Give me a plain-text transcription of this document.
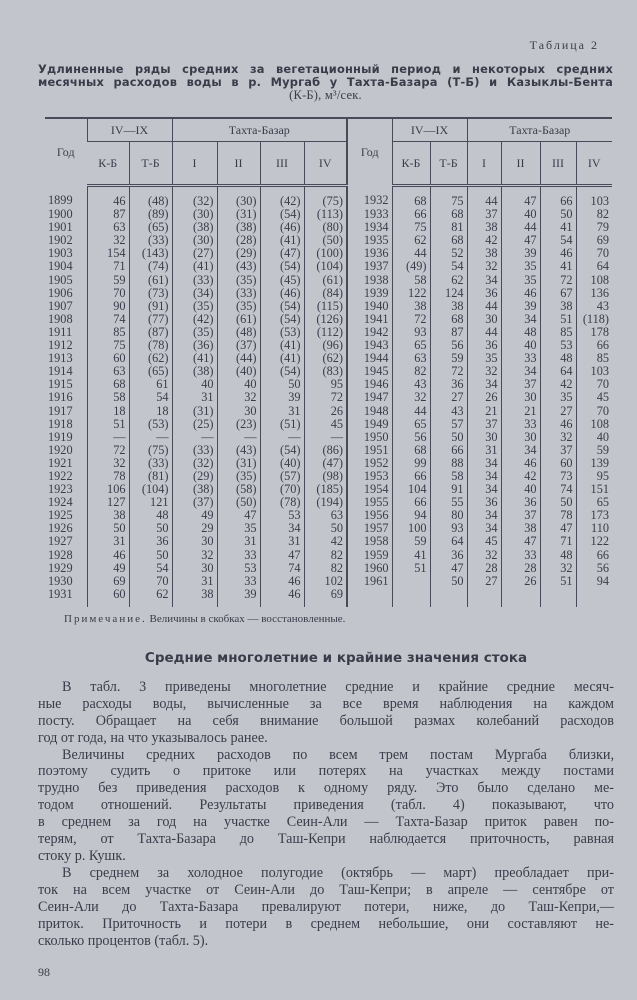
Таблица 2
Удлиненные ряды средних за вегетационный период и некоторых средних
месячных расходов воды в р. Мургаб у Тахта-Базара (Т-Б) и Казыклы-Бента
(К-Б), м³/сек.
Год	IV—IX		Тахта-Базар				Год	IV—IX		Тахта-Базар			
	К-Б	Т-Б	I	II	III	IV		К-Б	Т-Б	I	II	III	IV
1899	46	(48)	(32)	(30)	(42)	(75)	1932	68	75	44	47	66	103
1900	87	(89)	(30)	(31)	(54)	(113)	1933	66	68	37	40	50	82
1901	63	(65)	(38)	(38)	(46)	(80)	1934	75	81	38	44	41	79
1902	32	(33)	(30)	(28)	(41)	(50)	1935	62	68	42	47	54	69
1903	154	(143)	(27)	(29)	(47)	(100)	1936	44	52	38	39	46	70
1904	71	(74)	(41)	(43)	(54)	(104)	1937	(49)	54	32	35	41	64
1905	59	(61)	(33)	(35)	(45)	(61)	1938	58	62	34	35	72	108
1906	70	(73)	(34)	(33)	(46)	(84)	1939	122	124	36	46	67	136
1907	90	(91)	(35)	(35)	(54)	(115)	1940	38	38	44	39	38	43
1908	74	(77)	(42)	(61)	(54)	(126)	1941	72	68	30	34	51	(118)
1911	85	(87)	(35)	(48)	(53)	(112)	1942	93	87	44	48	85	178
1912	75	(78)	(36)	(37)	(41)	(96)	1943	65	56	36	40	53	66
1913	60	(62)	(41)	(44)	(41)	(62)	1944	63	59	35	33	48	85
1914	63	(65)	(38)	(40)	(54)	(83)	1945	82	72	32	34	64	103
1915	68	61	40	40	50	95	1946	43	36	34	37	42	70
1916	58	54	31	32	39	72	1947	32	27	26	30	35	45
1917	18	18	(31)	30	31	26	1948	44	43	21	21	27	70
1918	51	(53)	(25)	(23)	(51)	45	1949	65	57	37	33	46	108
1919	—	—	—	—	—	—	1950	56	50	30	30	32	40
1920	72	(75)	(33)	(43)	(54)	(86)	1951	68	66	31	34	37	59
1921	32	(33)	(32)	(31)	(40)	(47)	1952	99	88	34	46	60	139
1922	78	(81)	(29)	(35)	(57)	(98)	1953	66	58	34	42	73	95
1923	106	(104)	(38)	(58)	(70)	(185)	1954	104	91	34	40	74	151
1924	127	121	(37)	(50)	(78)	(194)	1955	66	55	36	36	50	65
1925	38	48	49	47	53	63	1956	94	80	34	37	78	173
1926	50	50	29	35	34	50	1957	100	93	34	38	47	110
1927	31	36	30	31	31	42	1958	59	64	45	47	71	122
1928	46	50	32	33	47	82	1959	41	36	32	33	48	66
1929	49	54	30	53	74	82	1960	51	47	28	28	32	56
1930	69	70	31	33	46	102	1961		50	27	26	51	94
1931	60	62	38	39	46	69							
Примечание. Величины в скобках — восстановленные.
Средние многолетние и крайние значения стока
В табл. 3 приведены многолетние средние и крайние средние месяч-
ные расходы воды, вычисленные за все время наблюдения на каждом
посту. Обращает на себя внимание большой размах колебаний расходов
год от года, на что указывалось ранее.
Величины средних расходов по всем трем постам Мургаба близки,
поэтому судить о притоке или потерях на участках между постами
трудно без приведения расходов к одному ряду. Это было сделано ме-
тодом отношений. Результаты приведения (табл. 4) показывают, что
в среднем за год на участке Сеин-Али — Тахта-Базар приток равен по-
терям, от Тахта-Базара до Таш-Кепри наблюдается приточность, равная
стоку р. Кушк.
В среднем за холодное полугодие (октябрь — март) преобладает при-
ток на всем участке от Сеин-Али до Таш-Кепри; в апреле — сентябре от
Сеин-Али до Тахта-Базара превалируют потери, ниже, до Таш-Кепри,—
приток. Приточность и потери в среднем небольшие, они составляют не-
сколько процентов (табл. 5).
98
